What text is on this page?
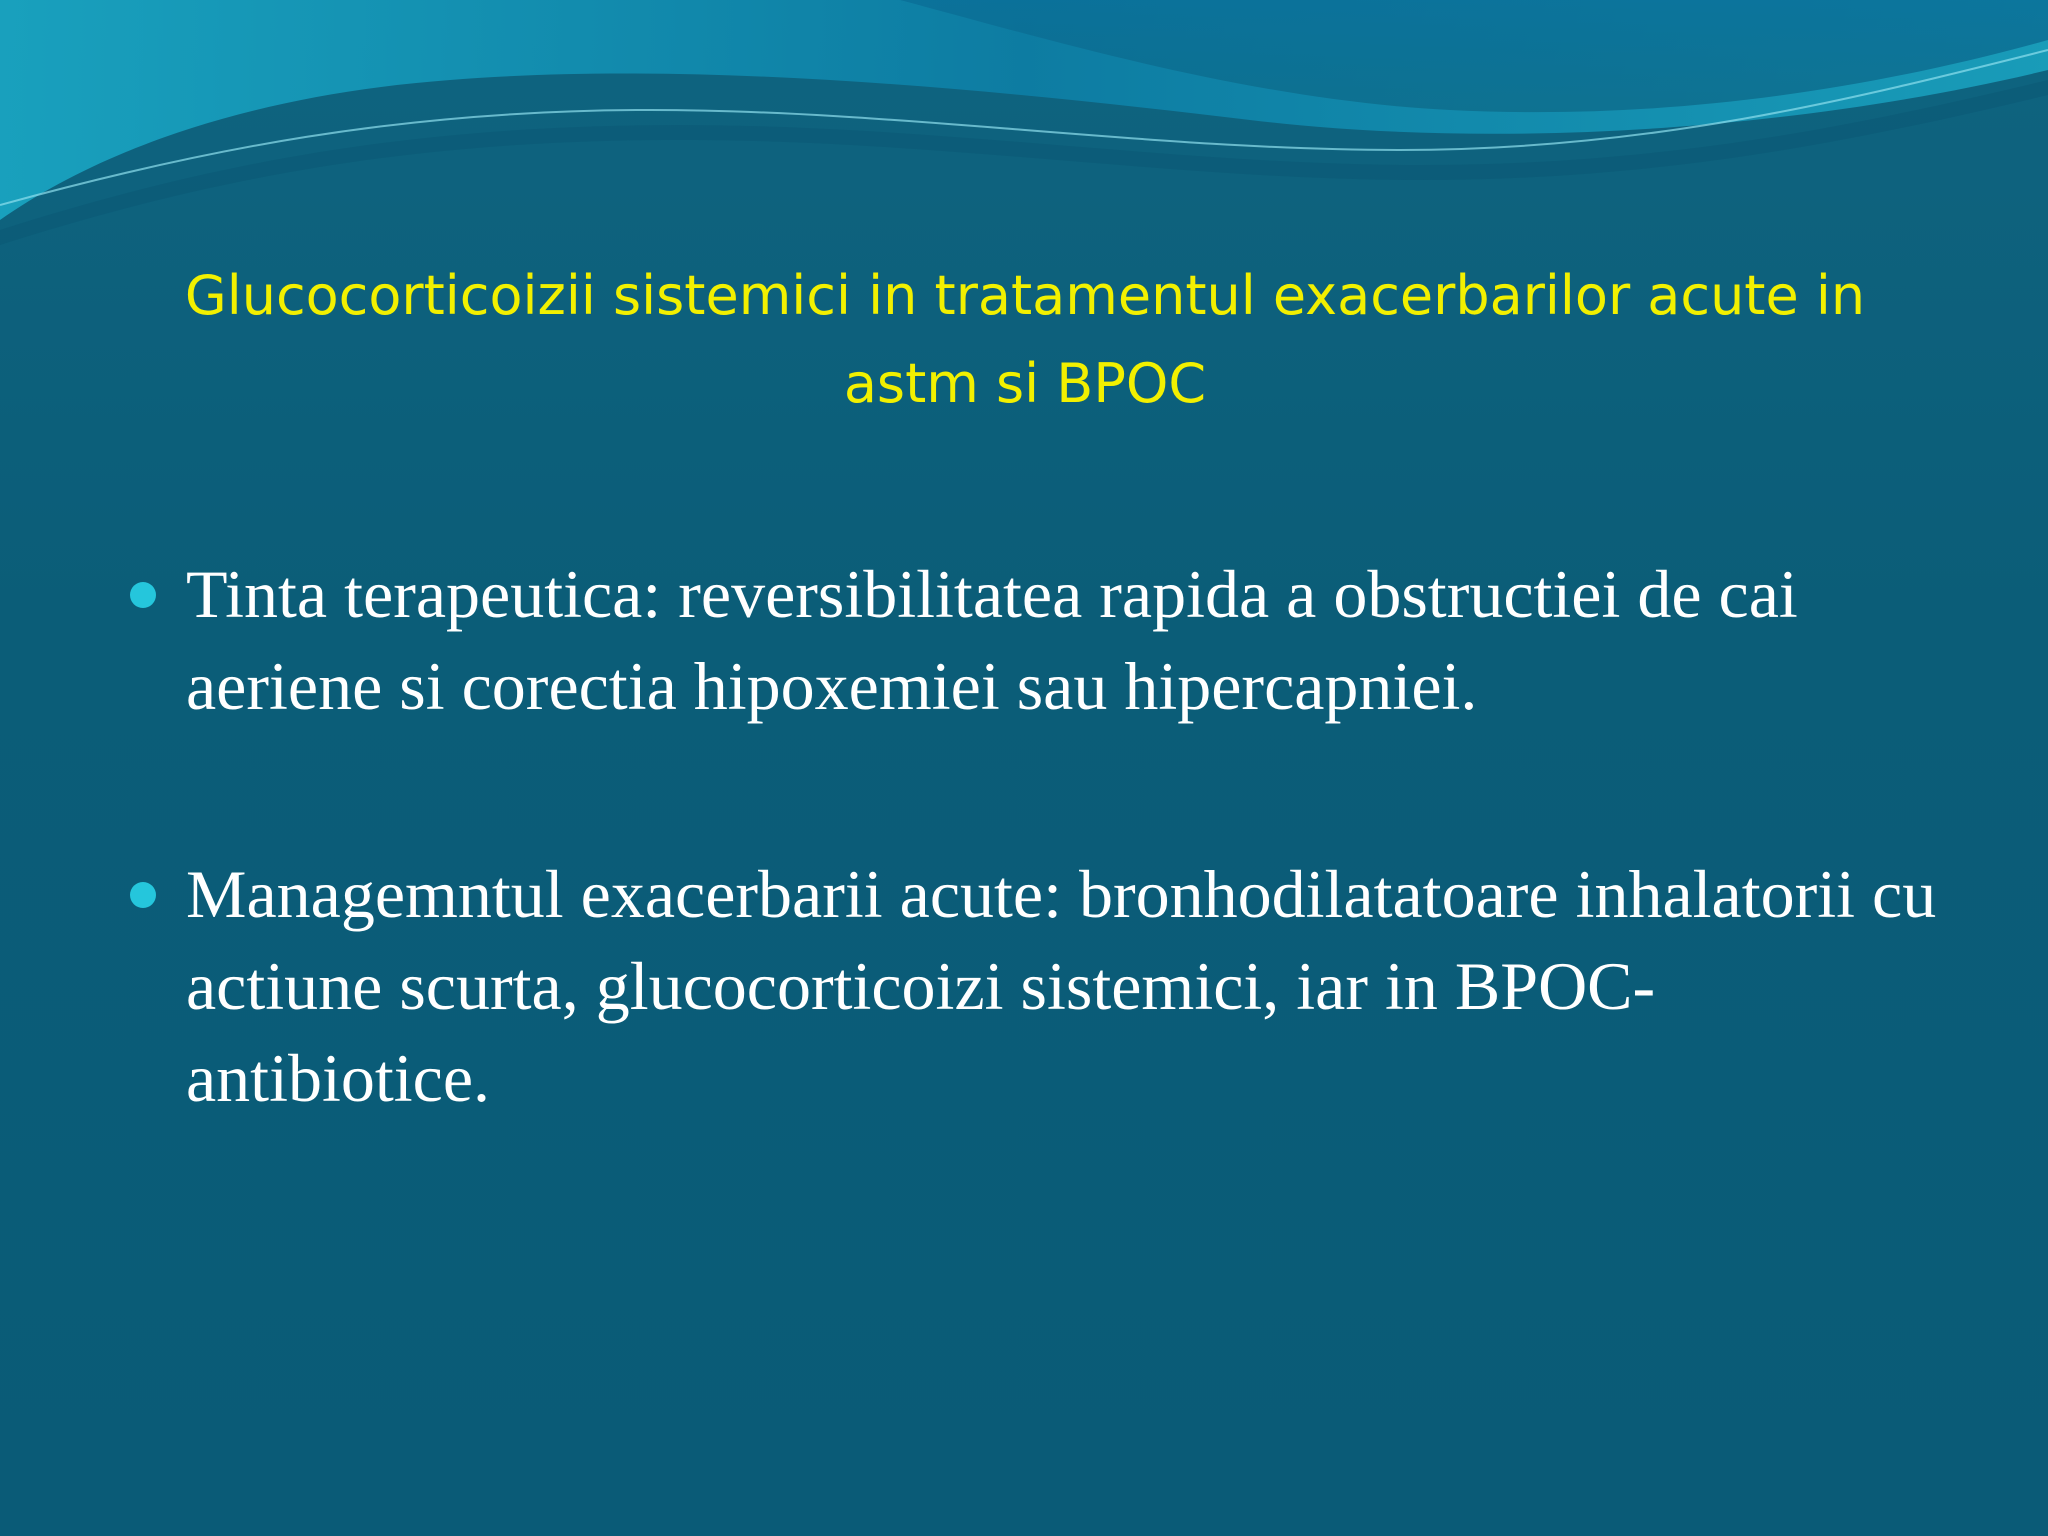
Glucocorticoizii sistemici in tratamentul exacerbarilor acute in astm si BPOC
Tinta terapeutica: reversibilitatea rapida a obstructiei de cai aeriene si corectia hipoxemiei sau hipercapniei.
Managemntul exacerbarii acute: bronhodilatatoare inhalatorii cu actiune scurta, glucocorticoizi sistemici, iar in BPOC- antibiotice.
